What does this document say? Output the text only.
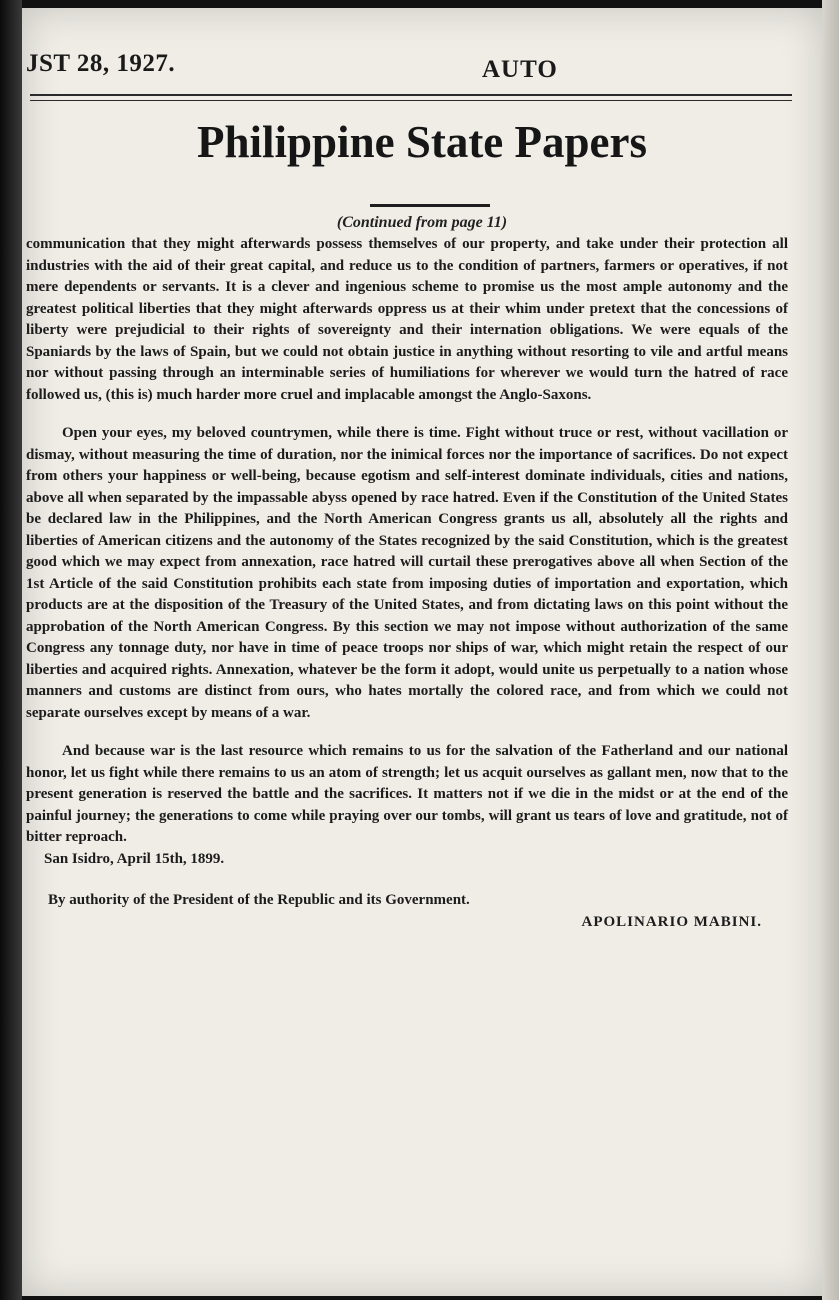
JST 28, 1927.	AUTO
Philippine State Papers
(Continued from page 11)

communication that they might afterwards possess themselves of our property, and take under their protection all industries with the aid of their great capital, and reduce us to the condition of partners, farmers or operatives, if not mere dependents or servants. It is a clever and ingenious scheme to promise us the most ample autonomy and the greatest political liberties that they might afterwards oppress us at their whim under pretext that the concessions of liberty were prejudicial to their rights of sovereignty and their internation obligations. We were equals of the Spaniards by the laws of Spain, but we could not obtain justice in anything without resorting to vile and artful means nor without passing through an interminable series of humiliations for wherever we would turn the hatred of race followed us, (this is) much harder more cruel and implacable amongst the Anglo-Saxons.

Open your eyes, my beloved countrymen, while there is time. Fight without truce or rest, without vacillation or dismay, without measuring the time of duration, nor the inimical forces nor the importance of sacrifices. Do not expect from others your happiness or well-being, because egotism and self-interest dominate individuals, cities and nations, above all when separated by the impassable abyss opened by race hatred. Even if the Constitution of the United States be declared law in the Philippines, and the North American Congress grants us all, absolutely all the rights and liberties of American citizens and the autonomy of the States recognized by the said Constitution, which is the greatest good which we may expect from annexation, race hatred will curtail these prerogatives above all when Section of the 1st Article of the said Constitution prohibits each state from imposing duties of importation and exportation, which products are at the disposition of the Treasury of the United States, and from dictating laws on this point without the approbation of the North American Congress. By this section we may not impose without authorization of the same Congress any tonnage duty, nor have in time of peace troops nor ships of war, which might retain the respect of our liberties and acquired rights. Annexation, whatever be the form it adopt, would unite us perpetually to a nation whose manners and customs are distinct from ours, who hates mortally the colored race, and from which we could not separate ourselves except by means of a war.

And because war is the last resource which remains to us for the salvation of the Fatherland and our national honor, let us fight while there remains to us an atom of strength; let us acquit ourselves as gallant men, now that to the present generation is reserved the battle and the sacrifices. It matters not if we die in the midst or at the end of the painful journey; the generations to come while praying over our tombs, will grant us tears of love and gratitude, not of bitter reproach.

San Isidro, April 15th, 1899.

By authority of the President of the Republic and its Government.

APOLINARIO MABINI.
